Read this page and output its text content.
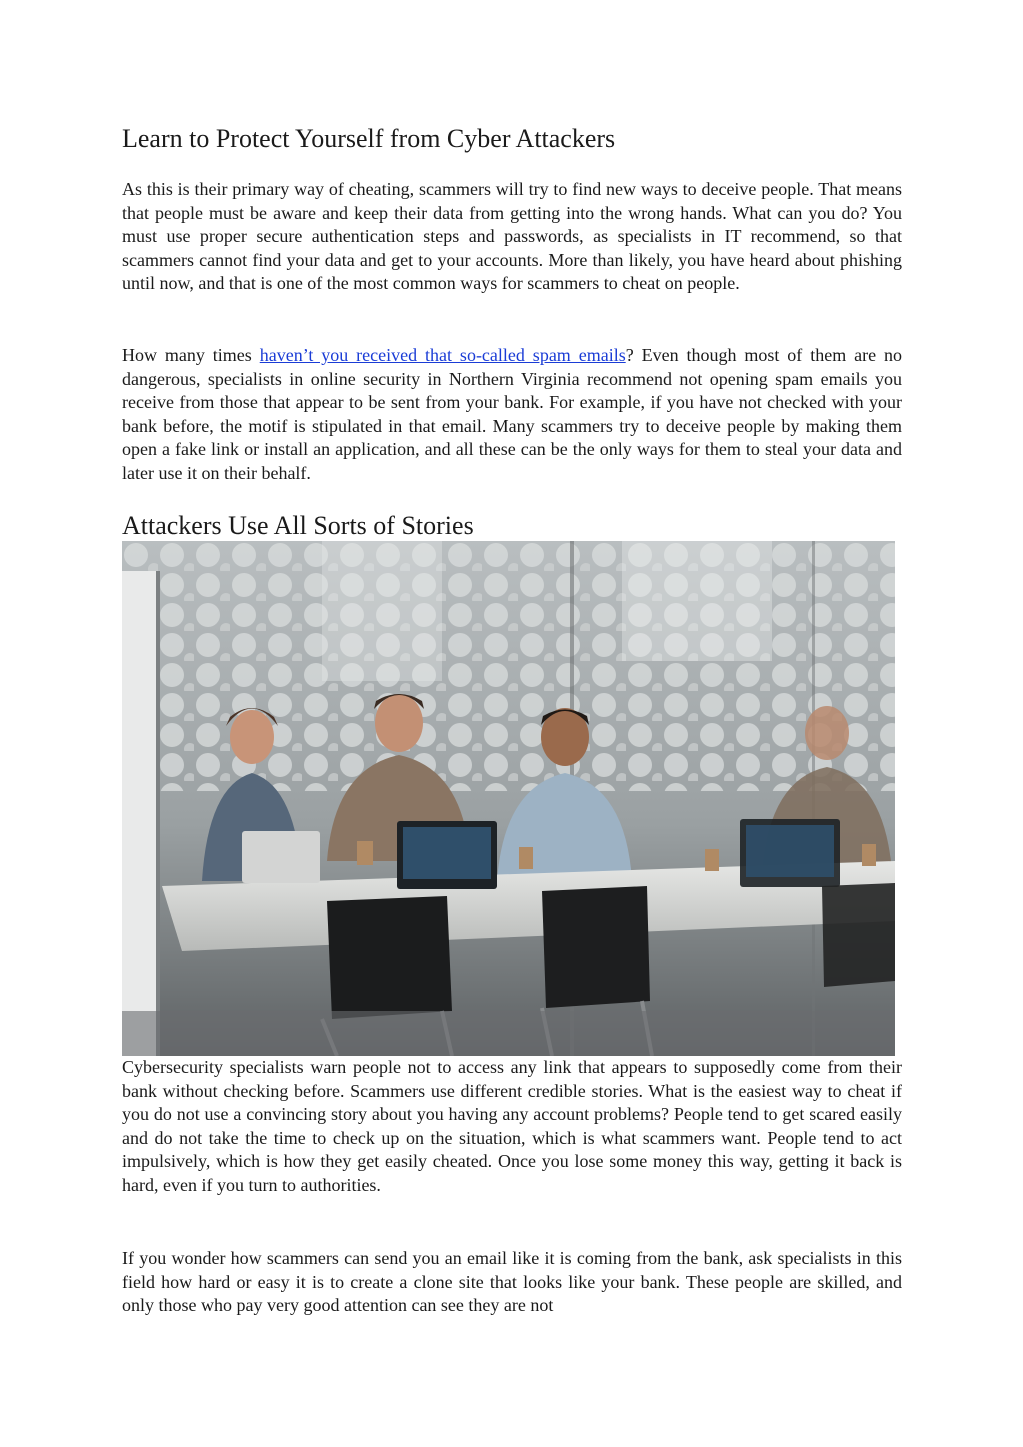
Learn to Protect Yourself from Cyber Attackers

As this is their primary way of cheating, scammers will try to find new ways to deceive people. That means that people must be aware and keep their data from getting into the wrong hands. What can you do? You must use proper secure authentication steps and passwords, as specialists in IT recommend, so that scammers cannot find your data and get to your accounts. More than likely, you have heard about phishing until now, and that is one of the most common ways for scammers to cheat on people.

How many times haven’t you received that so-called spam emails? Even though most of them are no dangerous, specialists in online security in Northern Virginia recommend not opening spam emails you receive from those that appear to be sent from your bank. For example, if you have not checked with your bank before, the motif is stipulated in that email. Many scammers try to deceive people by making them open a fake link or install an application, and all these can be the only ways for them to steal your data and later use it on their behalf.

Attackers Use All Sorts of Stories

Cybersecurity specialists warn people not to access any link that appears to supposedly come from their bank without checking before. Scammers use different credible stories. What is the easiest way to cheat if you do not use a convincing story about you having any account problems? People tend to get scared easily and do not take the time to check up on the situation, which is what scammers want. People tend to act impulsively, which is how they get easily cheated. Once you lose some money this way, getting it back is hard, even if you turn to authorities.

If you wonder how scammers can send you an email like it is coming from the bank, ask specialists in this field how hard or easy it is to create a clone site that looks like your bank. These people are skilled, and only those who pay very good attention can see they are not
